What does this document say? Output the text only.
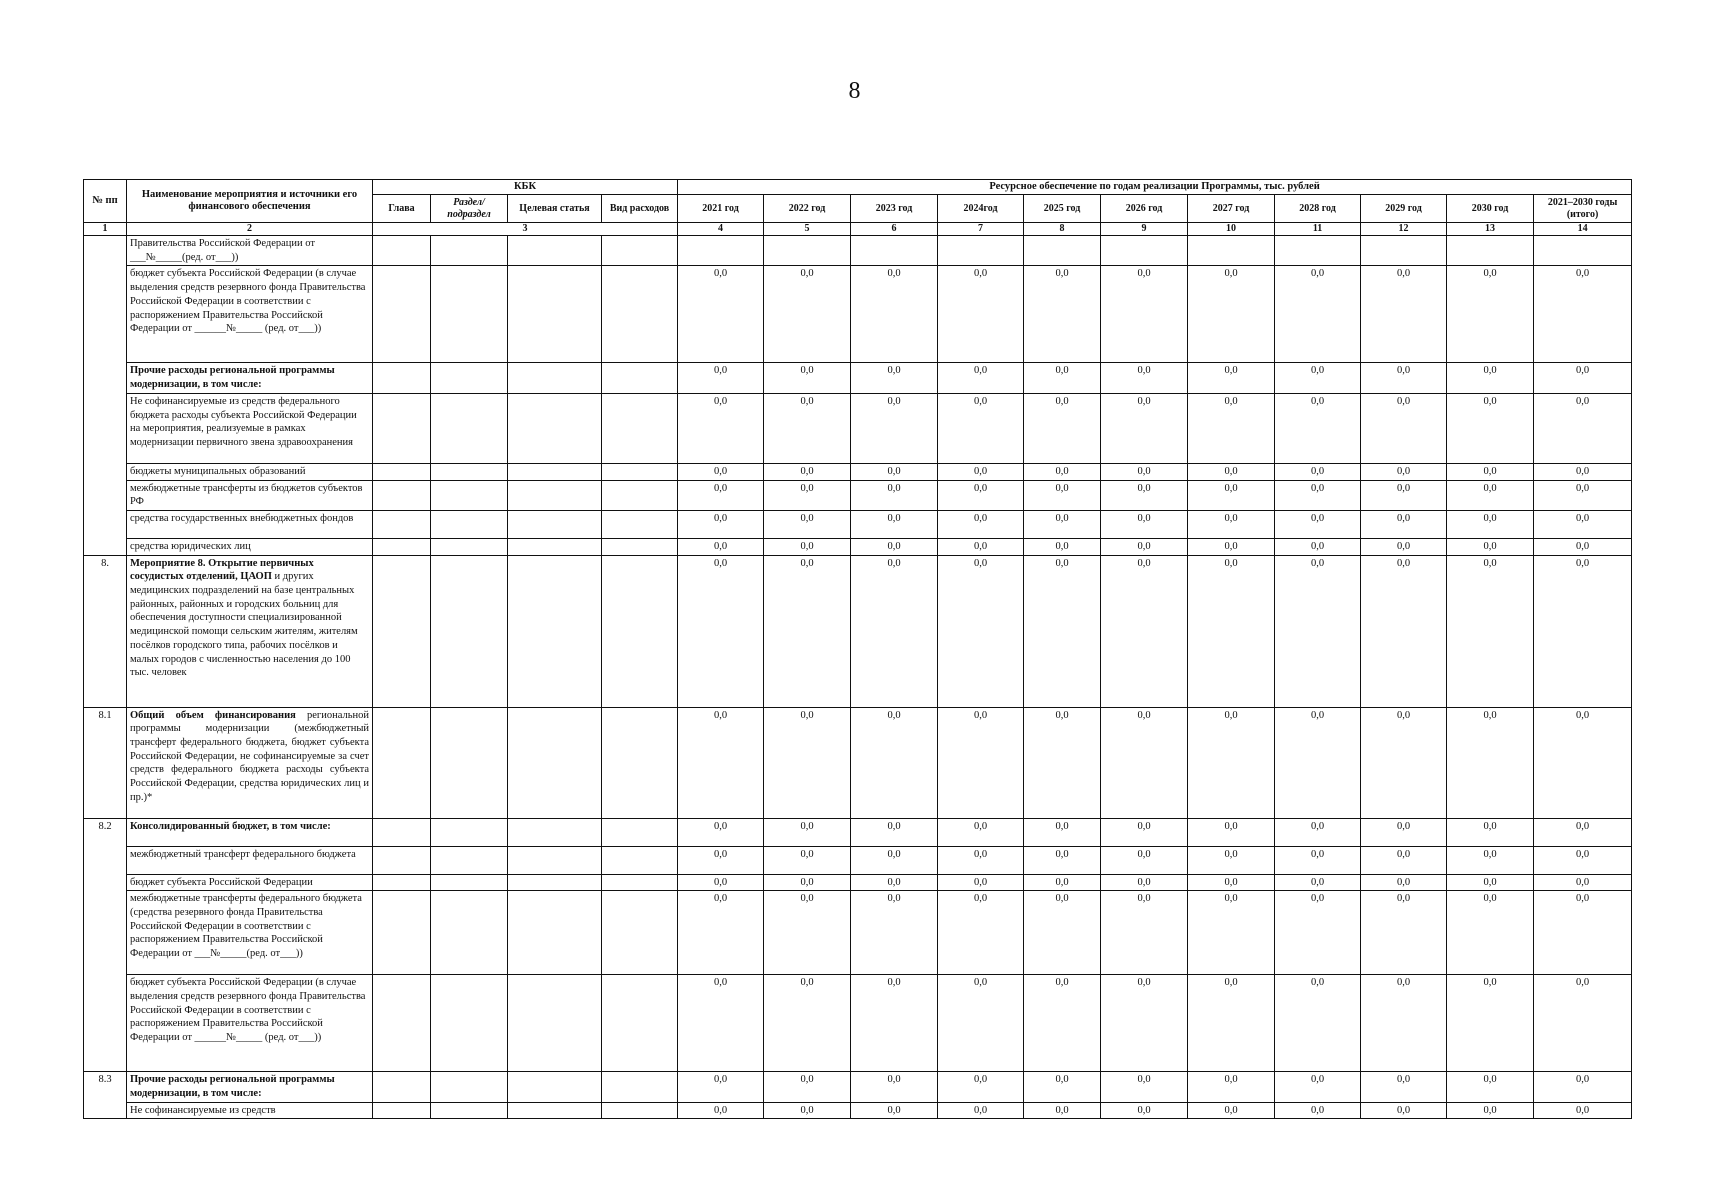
8
№ пп	Наименование мероприятия и источники его финансового обеспечения	КБК				Ресурсное обеспечение по годам реализации Программы, тыс. рублей										
		Глава	Раздел/ подраздел	Целевая статья	Вид расходов	2021 год	2022 год	2023 год	2024год	2025 год	2026 год	2027 год	2028 год	2029 год	2030 год	2021–2030 годы (итого)
1	2	3				4	5	6	7	8	9	10	11	12	13	14
	Правительства Российской Федерации от ___№_____(ред. от___))															
	бюджет субъекта Российской Федерации (в случае выделения средств резервного фонда Правительства Российской Федерации в соответствии с распоряжением Правительства Российской Федерации от ______№_____ (ред. от___))					0,0	0,0	0,0	0,0	0,0	0,0	0,0	0,0	0,0	0,0	0,0
	Прочие расходы региональной программы модернизации, в том числе:					0,0	0,0	0,0	0,0	0,0	0,0	0,0	0,0	0,0	0,0	0,0
	Не софинансируемые из средств федерального бюджета расходы субъекта Российской Федерации на мероприятия, реализуемые в рамках модернизации первичного звена здравоохранения					0,0	0,0	0,0	0,0	0,0	0,0	0,0	0,0	0,0	0,0	0,0
	бюджеты муниципальных образований					0,0	0,0	0,0	0,0	0,0	0,0	0,0	0,0	0,0	0,0	0,0
	межбюджетные трансферты из бюджетов субъектов РФ					0,0	0,0	0,0	0,0	0,0	0,0	0,0	0,0	0,0	0,0	0,0
	средства государственных внебюджетных фондов					0,0	0,0	0,0	0,0	0,0	0,0	0,0	0,0	0,0	0,0	0,0
	средства юридических лиц					0,0	0,0	0,0	0,0	0,0	0,0	0,0	0,0	0,0	0,0	0,0
8.	Мероприятие 8. Открытие первичных сосудистых отделений, ЦАОП и других медицинских подразделений на базе центральных районных, районных и городских больниц для обеспечения доступности специализированной медицинской помощи сельским жителям, жителям посёлков городского типа, рабочих посёлков и малых городов с численностью населения до 100 тыс. человек					0,0	0,0	0,0	0,0	0,0	0,0	0,0	0,0	0,0	0,0	0,0
8.1	Общий объем финансирования региональной программы модернизации (межбюджетный трансферт федерального бюджета, бюджет субъекта Российской Федерации, не софинансируемые за счет средств федерального бюджета расходы субъекта Российской Федерации, средства юридических лиц и пр.)*					0,0	0,0	0,0	0,0	0,0	0,0	0,0	0,0	0,0	0,0	0,0
8.2	Консолидированный бюджет, в том числе:					0,0	0,0	0,0	0,0	0,0	0,0	0,0	0,0	0,0	0,0	0,0
	межбюджетный трансферт федерального бюджета					0,0	0,0	0,0	0,0	0,0	0,0	0,0	0,0	0,0	0,0	0,0
	бюджет субъекта Российской Федерации					0,0	0,0	0,0	0,0	0,0	0,0	0,0	0,0	0,0	0,0	0,0
	межбюджетные трансферты федерального бюджета (средства резервного фонда Правительства Российской Федерации в соответствии с распоряжением Правительства Российской Федерации от ___№_____(ред. от___))					0,0	0,0	0,0	0,0	0,0	0,0	0,0	0,0	0,0	0,0	0,0
	бюджет субъекта Российской Федерации (в случае выделения средств резервного фонда Правительства Российской Федерации в соответствии с распоряжением Правительства Российской Федерации от ______№_____ (ред. от___))					0,0	0,0	0,0	0,0	0,0	0,0	0,0	0,0	0,0	0,0	0,0
8.3	Прочие расходы региональной программы модернизации, в том числе:					0,0	0,0	0,0	0,0	0,0	0,0	0,0	0,0	0,0	0,0	0,0
	Не софинансируемые из средств					0,0	0,0	0,0	0,0	0,0	0,0	0,0	0,0	0,0	0,0	0,0
